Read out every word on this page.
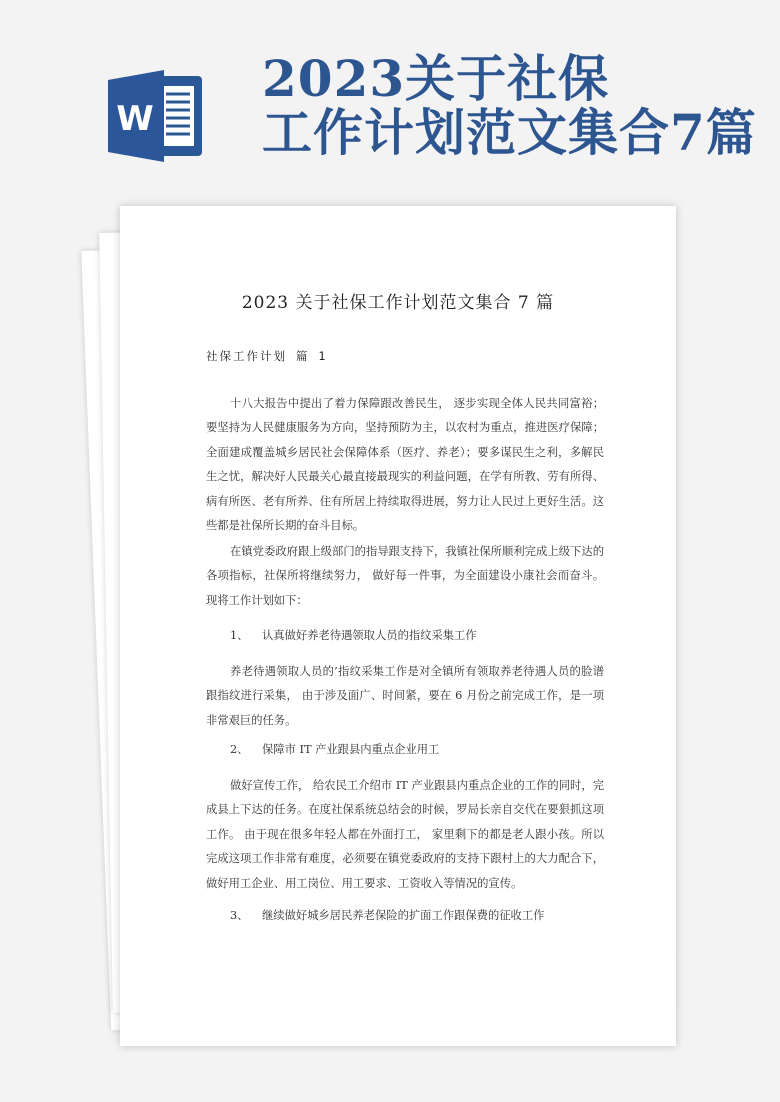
W
2023关于社保
工作计划范文集合7篇
2023 关于社保工作计划范文集合 7 篇
社保工作计划 篇 1

十八大报告中提出了着力保障跟改善民生， 逐步实现全体人民共同富裕； 要坚持为人民健康服务为方向，坚持预防为主，以农村为重点，推进医疗保障；全面建成覆盖城乡居民社会保障体系（医疗、养老）；要多谋民生之利，多解民生之忧，解决好人民最关心最直接最现实的利益问题，在学有所教、劳有所得、病有所医、老有所养、住有所居上持续取得进展，努力让人民过上更好生活。这些都是社保所长期的奋斗目标。

在镇党委政府跟上级部门的指导跟支持下，我镇社保所顺利完成上级下达的各项指标，社保所将继续努力， 做好每一件事，为全面建设小康社会而奋斗。现将工作计划如下：

1、 认真做好养老待遇领取人员的指纹采集工作

养老待遇领取人员的’指纹采集工作是对全镇所有领取养老待遇人员的脸谱跟指纹进行采集， 由于涉及面广、时间紧，要在 6 月份之前完成工作，是一项非常艰巨的任务。

2、 保障市 IT 产业跟县内重点企业用工

做好宣传工作， 给农民工介绍市 IT 产业跟县内重点企业的工作的同时，完成县上下达的任务。在度社保系统总结会的时候，罗局长亲自交代在要狠抓这项工作。 由于现在很多年轻人都在外面打工， 家里剩下的都是老人跟小孩。所以完成这项工作非常有难度，必须要在镇党委政府的支持下跟村上的大力配合下，做好用工企业、用工岗位、用工要求、工资收入等情况的宣传。

3、 继续做好城乡居民养老保险的扩面工作跟保费的征收工作
